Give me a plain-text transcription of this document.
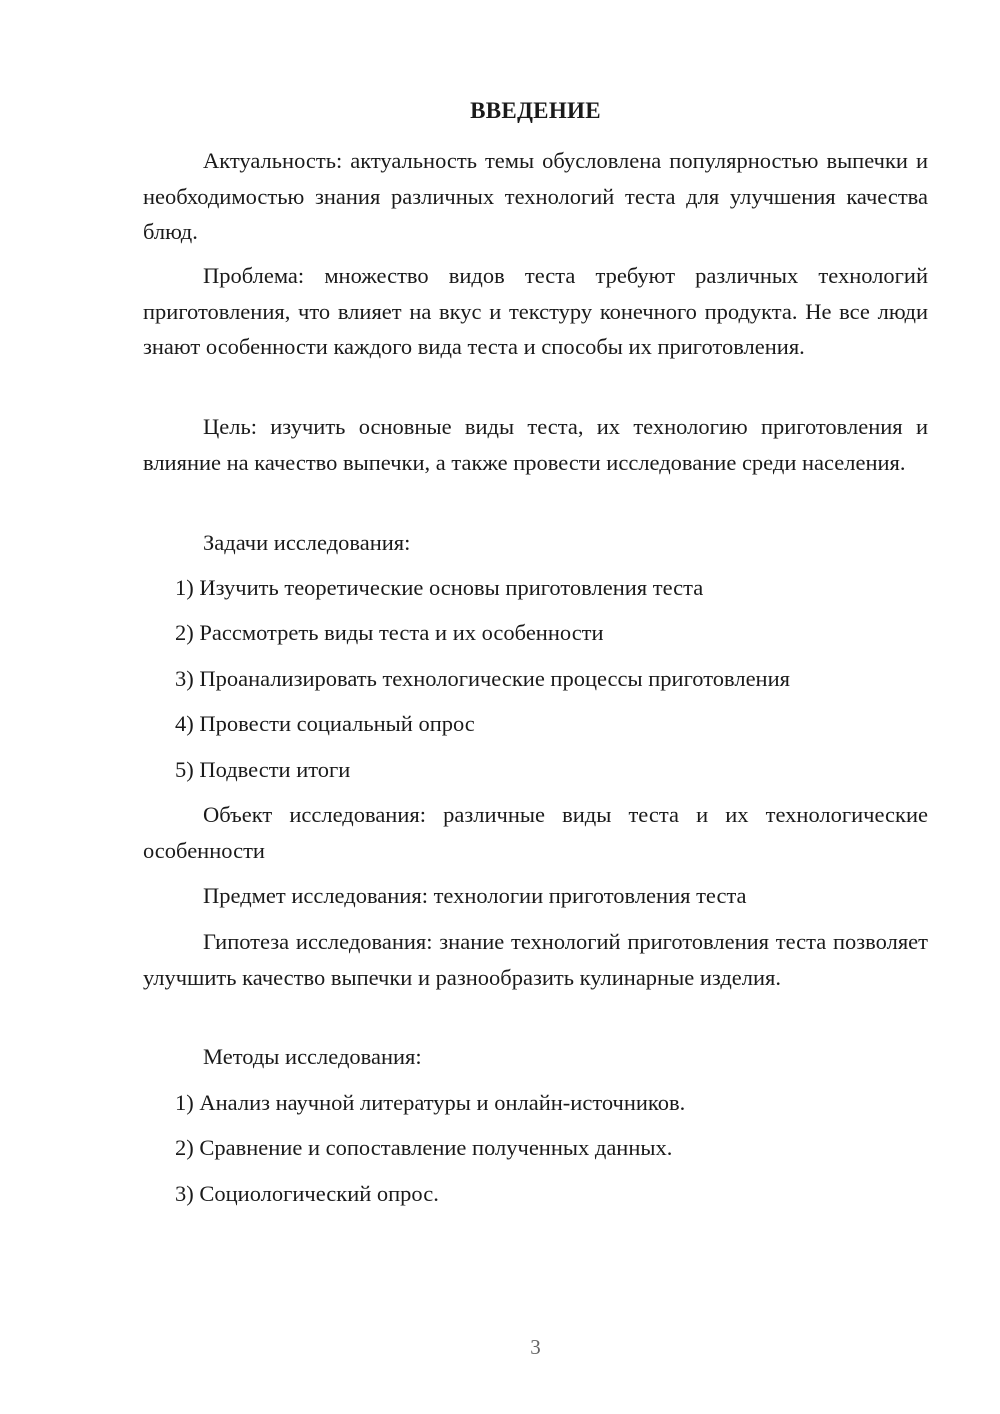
ВВЕДЕНИЕ

Актуальность: актуальность темы обусловлена популярностью выпечки и необходимостью знания различных технологий теста для улучшения качества блюд.

Проблема: множество видов теста требуют различных технологий приготовления, что влияет на вкус и текстуру конечного продукта. Не все люди знают особенности каждого вида теста и способы их приготовления.

Цель: изучить основные виды теста, их технологию приготовления и влияние на качество выпечки, а также провести исследование среди населения.

Задачи исследования:

1) Изучить теоретические основы приготовления теста

2) Рассмотреть виды теста и их особенности

3) Проанализировать технологические процессы приготовления

4) Провести социальный опрос

5) Подвести итоги

Объект исследования: различные виды теста и их технологические особенности

Предмет исследования: технологии приготовления теста

Гипотеза исследования: знание технологий приготовления теста позволяет улучшить качество выпечки и разнообразить кулинарные изделия.

Методы исследования:

1) Анализ научной литературы и онлайн-источников.

2) Сравнение и сопоставление полученных данных.

3) Социологический опрос.

3
